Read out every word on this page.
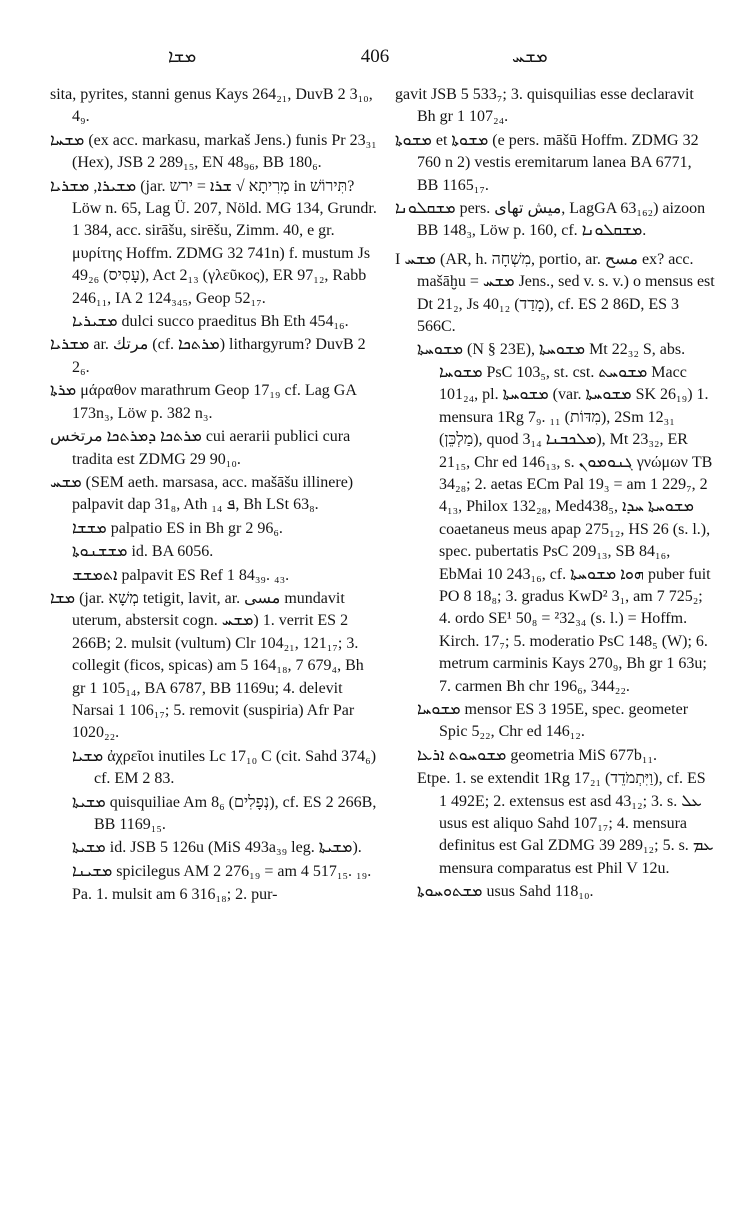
ܡܫܐ	406	ܡܫܚ

sita, pyrites, stanni genus Kays 264₂₁, DuvB 2 3₁₀, 4₉.

ܡܫܚܐ (ex acc. markasu, markaš Jens.) funis Pr 23₃₁ (Hex), JSB 2 289₁₅, EN 48₉₆, BB 180₆.

ܡܫܝܪܐ, ܡܫܪܝܐ (jar. מְרִיתָא √ ܫܪܐ = ירש in תִּירוֹשׁ? Löw n. 65, Lag Ü. 207, Nöld. MG 134, Grundr. 1 384, acc. sirāšu, sirēšu, Zimm. 40, e gr. μυρίτης Hoffm. ZDMG 32 741n) f. mustum Js 49₂₆ (עָסִיס), Act 2₁₃ (γλεῦκος), ER 97₁₂, Rabb 246₁₁, IA 2 124₃₄₅, Geop 52₁₇.

ܡܫܝܪܝܐ dulci succo praeditus Bh Eth 454₁₆.

ܡܫܪܝܐ ar. مرتك (cf. ܡܪܬܟܐ) lithargyrum? DuvB 2 2₆.

ܡܪܬܐ μάραθον marathrum Geop 17₁₉ cf. Lag GA 173n₃, Löw p. 382 n₃.

ܡܪܬܟܐ ܕܡܪܬܟܐ مرتخس cui aerarii publici cura tradita est ZDMG 29 90₁₀.

ܡܫܚ (SEM aeth. marsasa, acc. mašāšu illinere) palpavit dap 31₈, Ath ܦ ₁₄, Bh LSt 63₈.

ܡܫܫܐ palpatio ES in Bh gr 2 96₆.

ܡܫܫܢܘܬܐ id. BA 6056.

ܐܬܡܫܫ palpavit ES Ref 1 84₃₉. ₄₃.

ܡܫܐ (jar. מְשָׁא tetigit, lavit, ar. مسى mundavit uterum, abstersit cogn. ܡܫܚ) 1. verrit ES 2 266B; 2. mulsit (vultum) Clr 104₂₁, 121₁₇; 3. collegit (ficos, spicas) am 5 164₁₈, 7 679₄, Bh gr 1 105₁₄, BA 6787, BB 1169u; 4. delevit Narsai 1 106₁₇; 5. removit (suspiria) Afr Par 1020₂₂.

ܡܫܝܐ ἀχρεῖοι inutiles Lc 17₁₀ C (cit. Sahd 374₆) cf. EM 2 83.

ܡܫܝܬܐ quisquiliae Am 8₆ (נְפָלִים), cf. ES 2 266B, BB 1169₁₅.

ܡܫܝܬܐ id. JSB 5 126u (MiS 493a₃₉ leg. ܡܫܝܬܐ).

ܡܫܝܢܐ spicilegus AM 2 276₁₉ = am 4 517₁₅. ₁₉.

Pa. 1. mulsit am 6 316₁₈; 2. pur-

gavit JSB 5 533₇; 3. quisquilias esse declaravit Bh gr 1 107₂₄.

ܡܫܘܬܐ et ܡܫܘܬܐ (e pers. māšū Hoffm. ZDMG 32 760 n 2) vestis eremitarum lanea BA 6771, BB 1165₁₇.

ܡܫܩܠܘܢܐ pers. میش تهای, LagGA 63₁₆₂) aizoon BB 148₃, Löw p. 160, cf. ܡܫܩܠܘܢܐ.

I ܡܫܚ (AR, h. מִשְׁחָה, portio, ar. مسح ex? acc. mašāḫu = ܡܫܚ Jens., sed v. s. v.) o mensus est Dt 21₂, Js 40₁₂ (מָדַד), cf. ES 2 86D, ES 3 566C.

ܡܫܘܚܬܐ (N § 23E), ܡܫܘܚܬܐ Mt 22₃₂ S, abs. ܡܫܘܚܐ PsC 103₅, st. cst. ܡܫܘܚܬ Macc 101₂₄, pl. ܡܫܘܚܬܐ (var. ܡܫܘܚܬܐ SK 26₁₉) 1. mensura 1Rg 7₉. ₁₁ (מִדּוֹת), 2Sm 12₃₁ (מַלְכֵּן), quod 3₁₄ ܡܠܟܒܢܐ), Mt 23₃₂, ER 21₁₅, Chr ed 146₁₃, s. ܓܢܘܡܘܢ γνώμων TB 34₂₈; 2. aetas ECm Pal 19₃ = am 1 229₇, 2 4₁₃, Philox 132₂₈, Med438₅, ܡܫܘܚܬܐ ܚܕܐ coaetaneus meus apap 275₁₂, HS 26 (s. l.), spec. pubertatis PsC 209₁₃, SB 84₁₆, EbMai 10 243₁₆, cf. ܗܘܐ ܡܫܘܚܬܐ puber fuit PO 8 18₈; 3. gradus KwD² 3₁, am 7 725₂; 4. ordo SE¹ 50₈ = ²32₃₄ (s. l.) = Hoffm. Kirch. 17₇; 5. moderatio PsC 148₅ (W); 6. metrum carminis Kays 270₉, Bh gr 1 63u; 7. carmen Bh chr 196₆, 344₂₂.

ܡܫܘܚܐ mensor ES 3 195E, spec. geometer Spic 5₂₂, Chr ed 146₁₂.

ܡܫܘܚܘܬ ܐܪܥܐ geometria MiS 677b₁₁.

Etpe. 1. se extendit 1Rg 17₂₁ (וַיִּתְמֹדֵד), cf. ES 1 492E; 2. extensus est asd 43₁₂; 3. s. ܥܠ usus est aliquo Sahd 107₁₇; 4. mensura definitus est Gal ZDMG 39 289₁₂; 5. s. ܥܡ mensura comparatus est Phil V 12u.

ܡܫܬܘܚܘܬܐ usus Sahd 118₁₀.
